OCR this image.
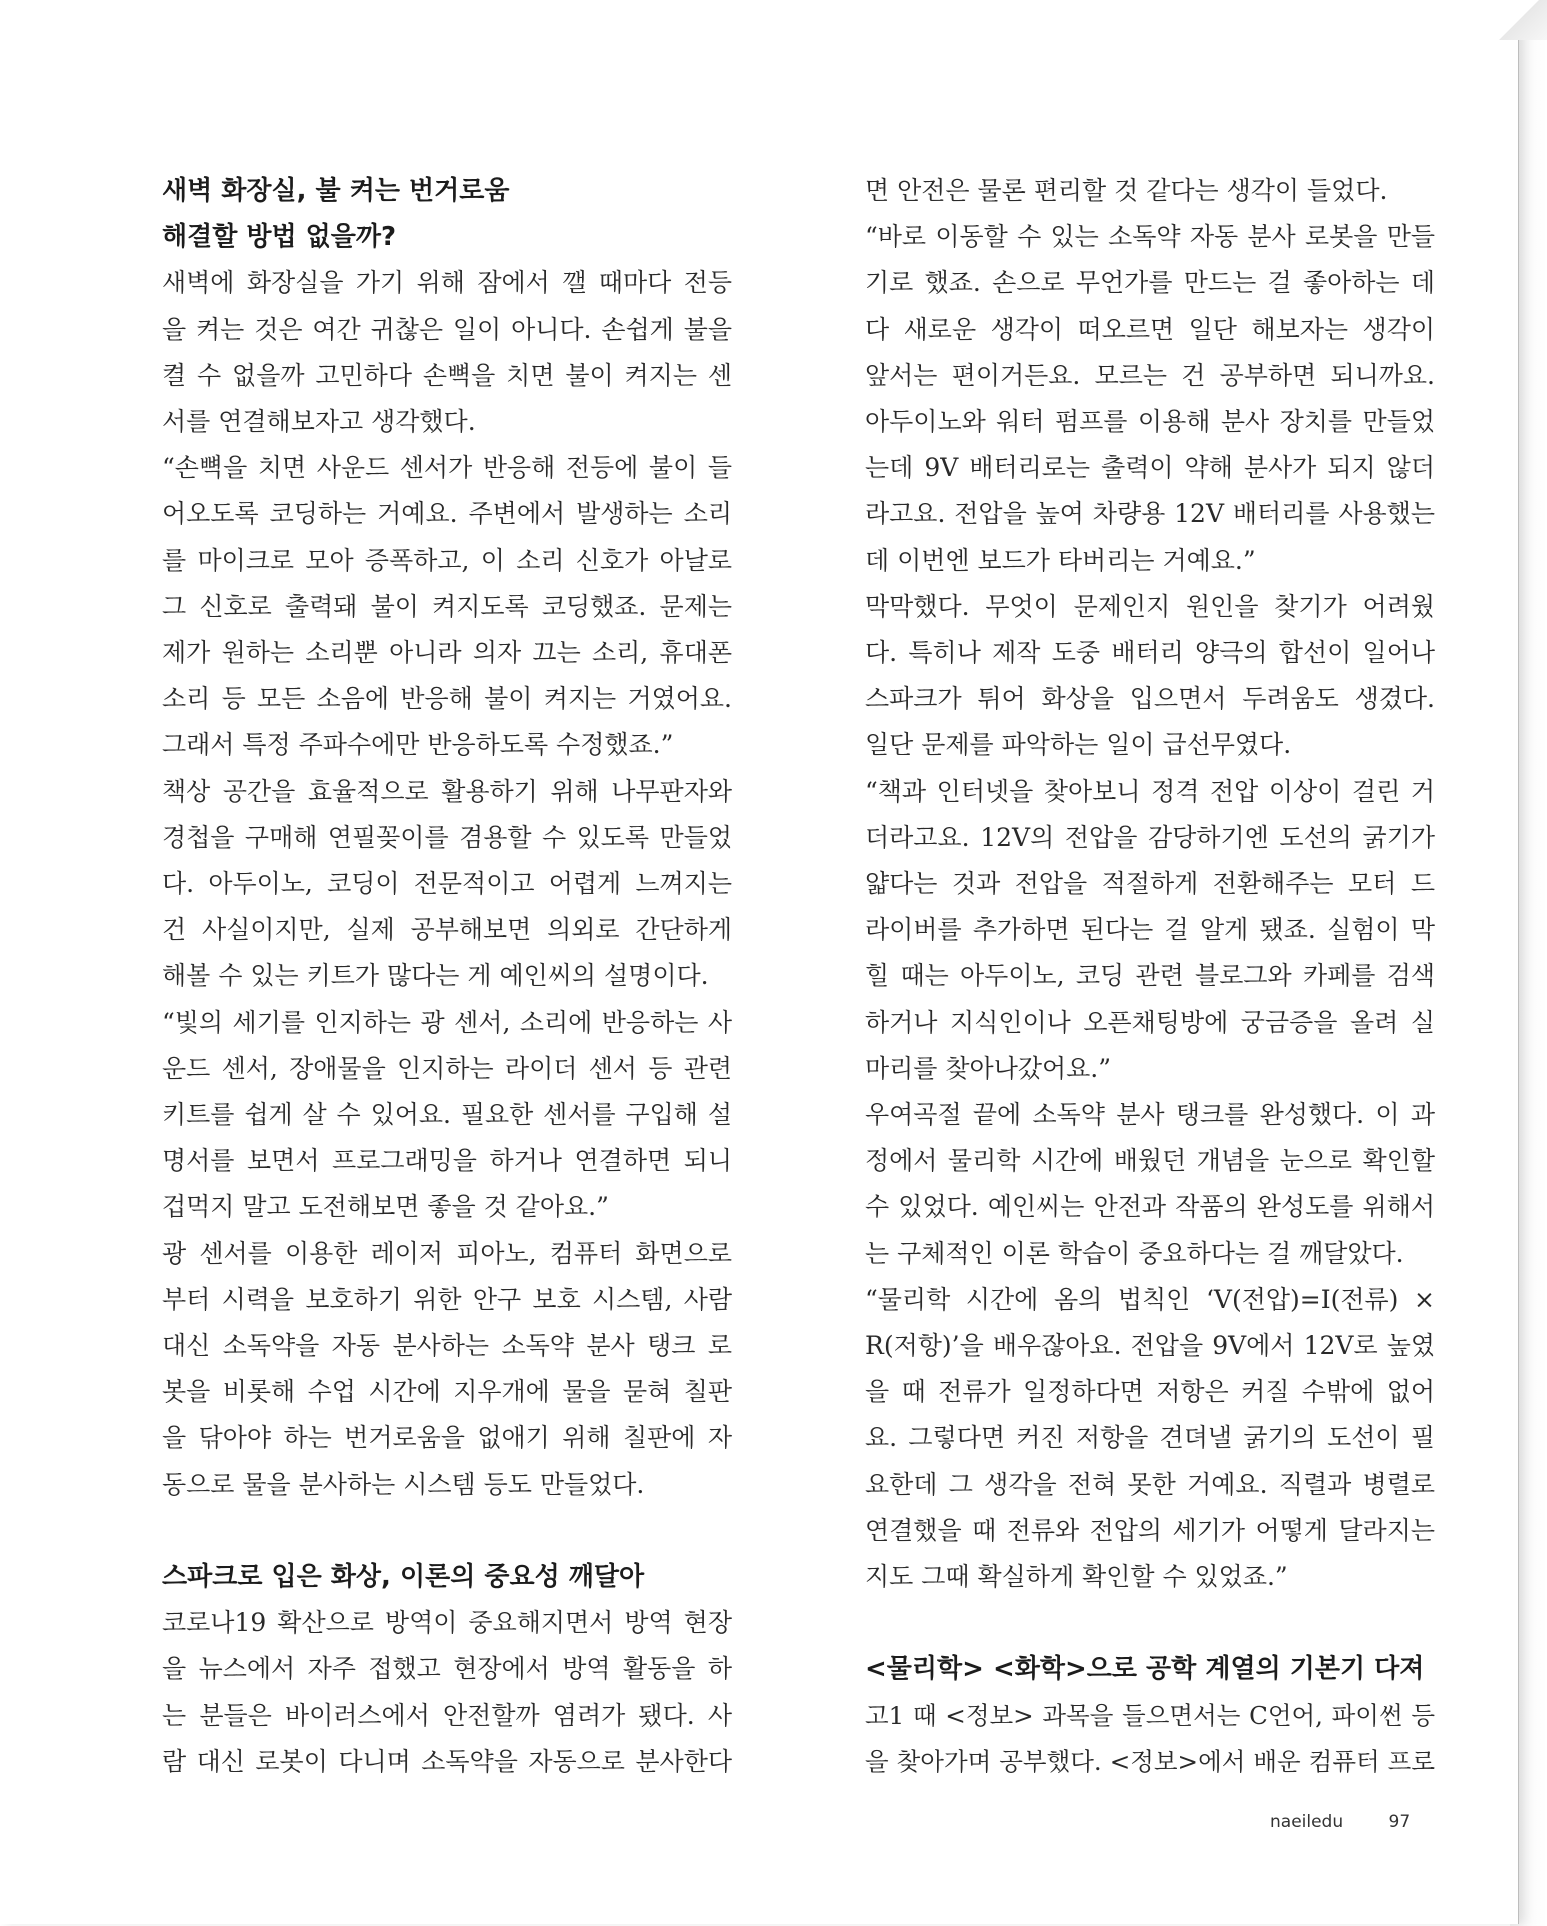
새벽 화장실, 불 켜는 번거로움

해결할 방법 없을까?

새벽에 화장실을 가기 위해 잠에서 깰 때마다 전등

을 켜는 것은 여간 귀찮은 일이 아니다. 손쉽게 불을

켤 수 없을까 고민하다 손뼉을 치면 불이 켜지는 센

서를 연결해보자고 생각했다.

“손뼉을 치면 사운드 센서가 반응해 전등에 불이 들

어오도록 코딩하는 거예요. 주변에서 발생하는 소리

를 마이크로 모아 증폭하고, 이 소리 신호가 아날로

그 신호로 출력돼 불이 켜지도록 코딩했죠. 문제는

제가 원하는 소리뿐 아니라 의자 끄는 소리, 휴대폰

소리 등 모든 소음에 반응해 불이 켜지는 거였어요.

그래서 특정 주파수에만 반응하도록 수정했죠.”

책상 공간을 효율적으로 활용하기 위해 나무판자와

경첩을 구매해 연필꽂이를 겸용할 수 있도록 만들었

다. 아두이노, 코딩이 전문적이고 어렵게 느껴지는

건 사실이지만, 실제 공부해보면 의외로 간단하게

해볼 수 있는 키트가 많다는 게 예인씨의 설명이다.

“빛의 세기를 인지하는 광 센서, 소리에 반응하는 사

운드 센서, 장애물을 인지하는 라이더 센서 등 관련

키트를 쉽게 살 수 있어요. 필요한 센서를 구입해 설

명서를 보면서 프로그래밍을 하거나 연결하면 되니

겁먹지 말고 도전해보면 좋을 것 같아요.”

광 센서를 이용한 레이저 피아노, 컴퓨터 화면으로

부터 시력을 보호하기 위한 안구 보호 시스템, 사람

대신 소독약을 자동 분사하는 소독약 분사 탱크 로

봇을 비롯해 수업 시간에 지우개에 물을 묻혀 칠판

을 닦아야 하는 번거로움을 없애기 위해 칠판에 자

동으로 물을 분사하는 시스템 등도 만들었다.

스파크로 입은 화상, 이론의 중요성 깨달아

코로나19 확산으로 방역이 중요해지면서 방역 현장

을 뉴스에서 자주 접했고 현장에서 방역 활동을 하

는 분들은 바이러스에서 안전할까 염려가 됐다. 사

람 대신 로봇이 다니며 소독약을 자동으로 분사한다

면 안전은 물론 편리할 것 같다는 생각이 들었다.

“바로 이동할 수 있는 소독약 자동 분사 로봇을 만들

기로 했죠. 손으로 무언가를 만드는 걸 좋아하는 데

다 새로운 생각이 떠오르면 일단 해보자는 생각이

앞서는 편이거든요. 모르는 건 공부하면 되니까요.

아두이노와 워터 펌프를 이용해 분사 장치를 만들었

는데 9V 배터리로는 출력이 약해 분사가 되지 않더

라고요. 전압을 높여 차량용 12V 배터리를 사용했는

데 이번엔 보드가 타버리는 거예요.”

막막했다. 무엇이 문제인지 원인을 찾기가 어려웠

다. 특히나 제작 도중 배터리 양극의 합선이 일어나

스파크가 튀어 화상을 입으면서 두려움도 생겼다.

일단 문제를 파악하는 일이 급선무였다.

“책과 인터넷을 찾아보니 정격 전압 이상이 걸린 거

더라고요. 12V의 전압을 감당하기엔 도선의 굵기가

얇다는 것과 전압을 적절하게 전환해주는 모터 드

라이버를 추가하면 된다는 걸 알게 됐죠. 실험이 막

힐 때는 아두이노, 코딩 관련 블로그와 카페를 검색

하거나 지식인이나 오픈채팅방에 궁금증을 올려 실

마리를 찾아나갔어요.”

우여곡절 끝에 소독약 분사 탱크를 완성했다. 이 과

정에서 물리학 시간에 배웠던 개념을 눈으로 확인할

수 있었다. 예인씨는 안전과 작품의 완성도를 위해서

는 구체적인 이론 학습이 중요하다는 걸 깨달았다.

“물리학 시간에 옴의 법칙인 ‘V(전압)=I(전류) ×

R(저항)’을 배우잖아요. 전압을 9V에서 12V로 높였

을 때 전류가 일정하다면 저항은 커질 수밖에 없어

요. 그렇다면 커진 저항을 견뎌낼 굵기의 도선이 필

요한데 그 생각을 전혀 못한 거예요. 직렬과 병렬로

연결했을 때 전류와 전압의 세기가 어떻게 달라지는

지도 그때 확실하게 확인할 수 있었죠.”

<물리학> <화학>으로 공학 계열의 기본기 다져

고1 때 <정보> 과목을 들으면서는 C언어, 파이썬 등

을 찾아가며 공부했다. <정보>에서 배운 컴퓨터 프로

naeiledu	97
